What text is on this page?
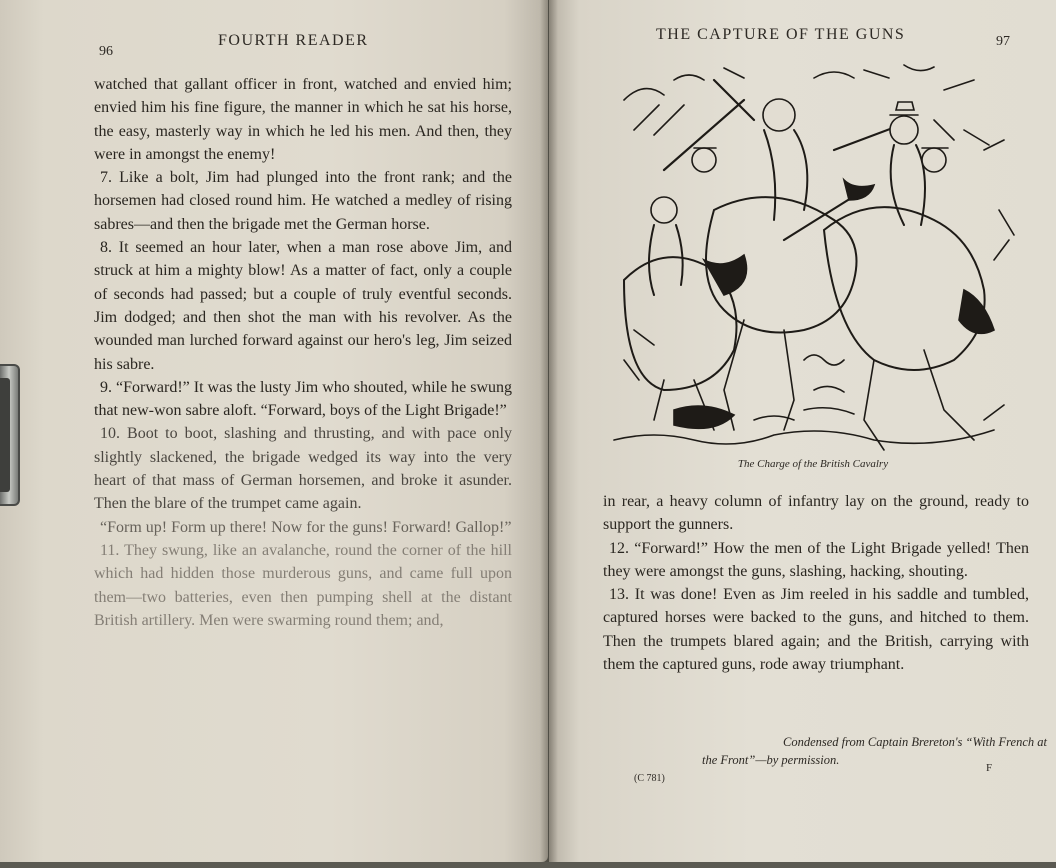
96
FOURTH READER

watched that gallant officer in front, watched and envied him; envied him his fine figure, the manner in which he sat his horse, the easy, masterly way in which he led his men. And then, they were in amongst the enemy!

7. Like a bolt, Jim had plunged into the front rank; and the horsemen had closed round him. He watched a medley of rising sabres—and then the brigade met the German horse.

8. It seemed an hour later, when a man rose above Jim, and struck at him a mighty blow! As a matter of fact, only a couple of seconds had passed; but a couple of truly eventful seconds. Jim dodged; and then shot the man with his revolver. As the wounded man lurched forward against our hero's leg, Jim seized his sabre.

9. “Forward!” It was the lusty Jim who shouted, while he swung that new-won sabre aloft. “Forward, boys of the Light Brigade!”

10. Boot to boot, slashing and thrusting, and with pace only slightly slackened, the brigade wedged its way into the very heart of that mass of German horsemen, and broke it asunder. Then the blare of the trumpet came again.

“Form up! Form up there! Now for the guns! Forward! Gallop!”

11. They swung, like an avalanche, round the corner of the hill which had hidden those murderous guns, and came full upon them—two batteries, even then pumping shell at the distant British artillery. Men were swarming round them; and,

THE CAPTURE OF THE GUNS	97
The Charge of the British Cavalry

in rear, a heavy column of infantry lay on the ground, ready to support the gunners.

12. “Forward!” How the men of the Light Brigade yelled! Then they were amongst the guns, slashing, hacking, shouting.

13. It was done! Even as Jim reeled in his saddle and tumbled, captured horses were backed to the guns, and hitched to them. Then the trumpets blared again; and the British, carrying with them the captured guns, rode away triumphant.

Condensed from Captain Brereton's “With French at
the Front”—by permission.
(C 781)
F
